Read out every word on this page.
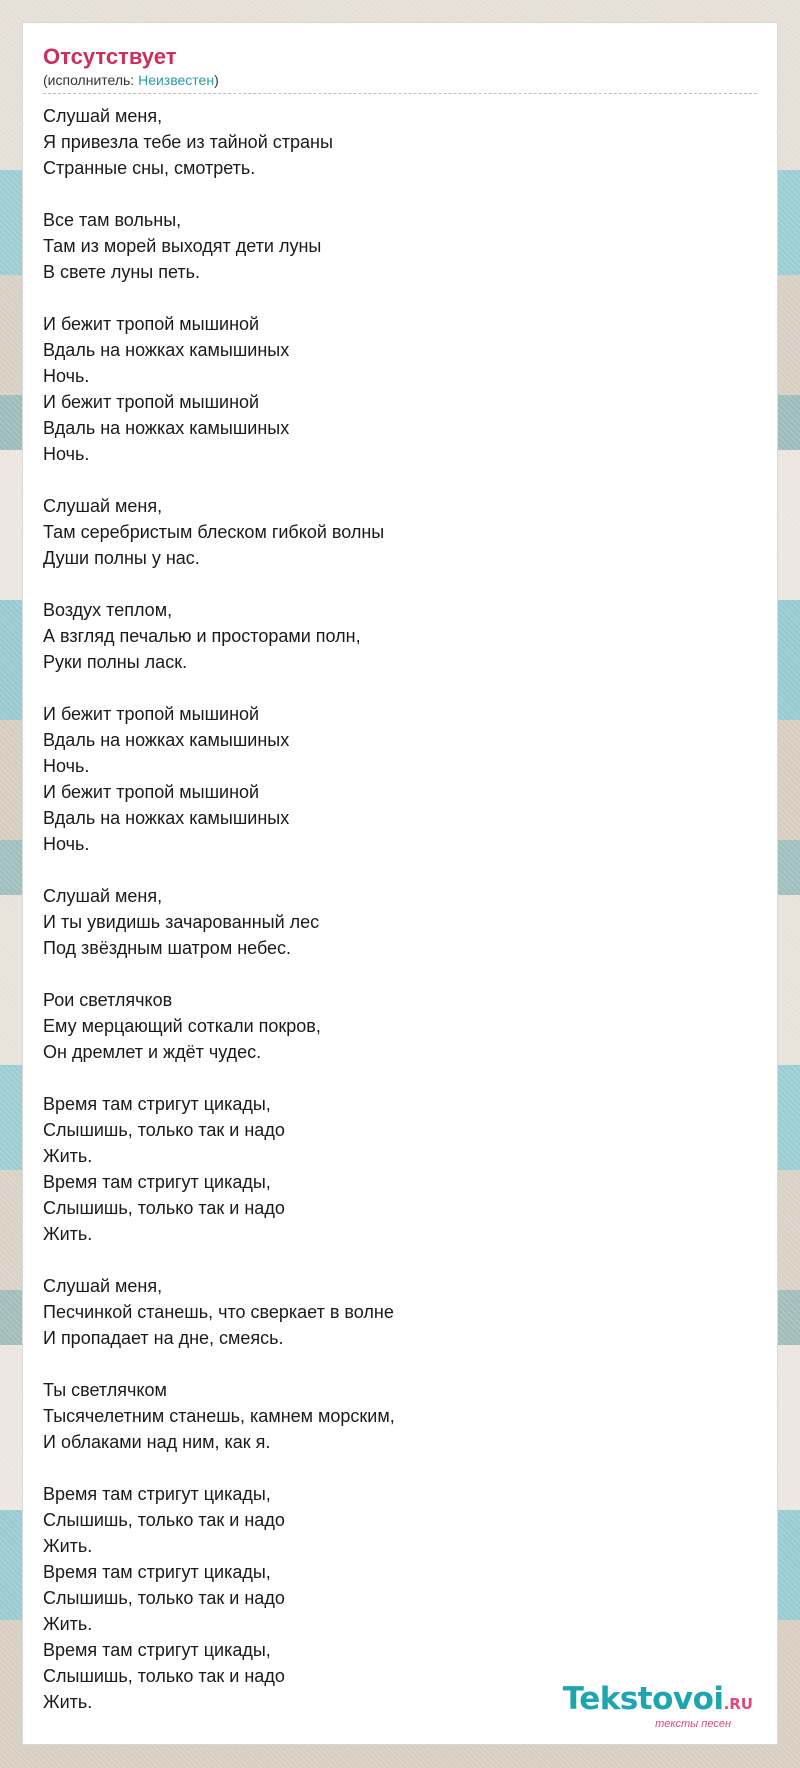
Отсутствует
(исполнитель: Неизвестен)

Слушай меня,
Я привезла тебе из тайной страны
Странные сны, смотреть.

Все там вольны,
Там из морей выходят дети луны
В свете луны петь.

И бежит тропой мышиной
Вдаль на ножках камышиных
Ночь.
И бежит тропой мышиной
Вдаль на ножках камышиных
Ночь.

Слушай меня,
Там серебристым блеском гибкой волны
Души полны у нас.

Воздух теплом,
А взгляд печалью и просторами полн,
Руки полны ласк.

И бежит тропой мышиной
Вдаль на ножках камышиных
Ночь.
И бежит тропой мышиной
Вдаль на ножках камышиных
Ночь.

Слушай меня,
И ты увидишь зачарованный лес
Под звёздным шатром небес.

Рои светлячков
Ему мерцающий соткали покров,
Он дремлет и ждёт чудес.

Время там стригут цикады,
Слышишь, только так и надо
Жить.
Время там стригут цикады,
Слышишь, только так и надо
Жить.

Слушай меня,
Песчинкой станешь, что сверкает в волне
И пропадает на дне, смеясь.

Ты светлячком
Тысячелетним станешь, камнем морским,
И облаками над ним, как я.

Время там стригут цикады,
Слышишь, только так и надо
Жить.
Время там стригут цикады,
Слышишь, только так и надо
Жить.
Время там стригут цикады,
Слышишь, только так и надо
Жить.	Tekstovoi.RU
тексты песен
